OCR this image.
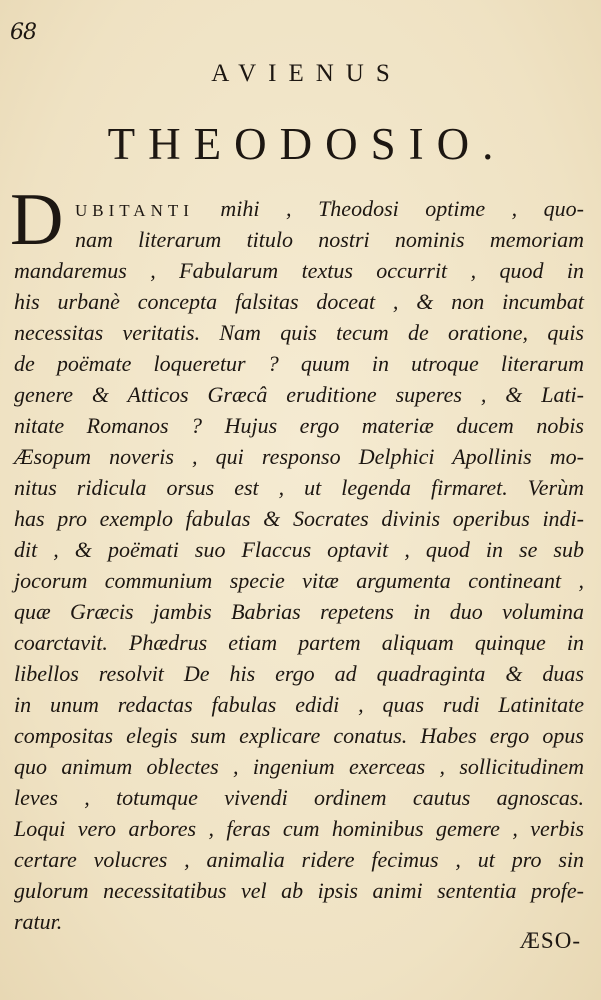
68
AVIENUS
THEODOSIO.
D UBITANTI mihi , Theodosi optime , quo-
nam literarum titulo nostri nominis memoriam
mandaremus , Fabularum textus occurrit , quod in
his urbanè concepta falsitas doceat , & non incumbat
necessitas veritatis. Nam quis tecum de oratione, quis
de poëmate loqueretur ? quum in utroque literarum
genere & Atticos Græcâ eruditione superes , & Lati-
nitate Romanos ? Hujus ergo materiæ ducem nobis
Æsopum noveris , qui responso Delphici Apollinis mo-
nitus ridicula orsus est , ut legenda firmaret. Verùm
has pro exemplo fabulas & Socrates divinis operibus indi-
dit , & poëmati suo Flaccus optavit , quod in se sub
jocorum communium specie vitæ argumenta contineant ,
quæ Græcis jambis Babrias repetens in duo volumina
coarctavit. Phædrus etiam partem aliquam quinque in
libellos resolvit De his ergo ad quadraginta & duas
in unum redactas fabulas edidi , quas rudi Latinitate
compositas elegis sum explicare conatus. Habes ergo opus
quo animum oblectes , ingenium exerceas , sollicitudinem
leves , totumque vivendi ordinem cautus agnoscas.
Loqui vero arbores , feras cum hominibus gemere , verbis
certare volucres , animalia ridere fecimus , ut pro sin
gulorum necessitatibus vel ab ipsis animi sententia profe-
ratur.
ÆSO-
